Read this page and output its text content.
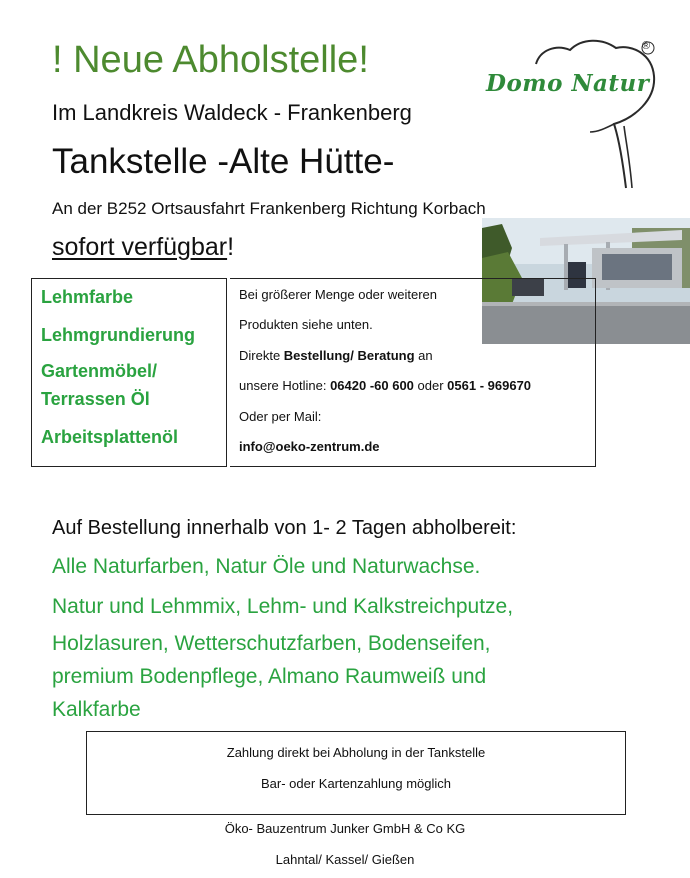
! Neue Abholstelle!
Im Landkreis Waldeck - Frankenberg
Tankstelle -Alte Hütte-
An der B252 Ortsausfahrt Frankenberg Richtung Korbach
sofort verfügbar!
Domo Natur
®
Lehmfarbe
Lehmgrundierung
Gartenmöbel/
Terrassen Öl
Arbeitsplattenöl
Bei größerer Menge oder weiteren
Produkten siehe unten.
Direkte Bestellung/ Beratung an
unsere Hotline: 06420 -60 600 oder 0561 - 969670
Oder per Mail:
info@oeko-zentrum.de
Auf Bestellung innerhalb von 1- 2 Tagen abholbereit:
Alle Naturfarben, Natur Öle und Naturwachse.
Natur und Lehmmix, Lehm- und Kalkstreichputze,
Holzlasuren, Wetterschutzfarben, Bodenseifen,
premium Bodenpflege, Almano Raumweiß und
Kalkfarbe
Zahlung direkt bei Abholung in der Tankstelle
Bar- oder Kartenzahlung möglich
Öko- Bauzentrum Junker GmbH & Co KG
Lahntal/ Kassel/ Gießen
